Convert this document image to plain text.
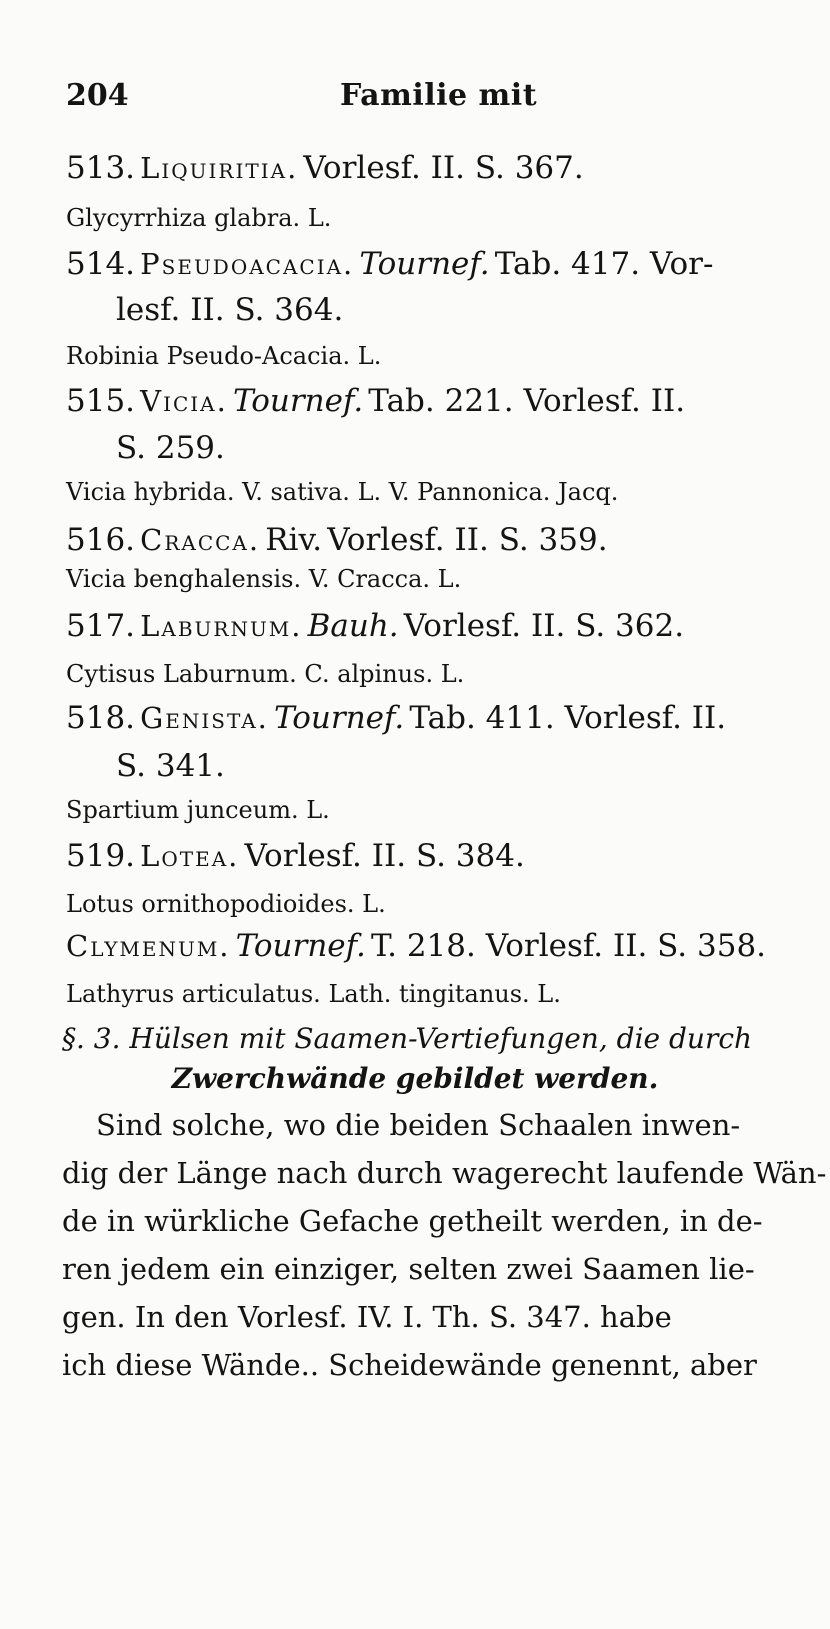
204	Familie mit
513. Liquiritia. Vorlesf. II. S. 367.
Glycyrrhiza glabra. L.
514. Pseudoacacia. Tournef. Tab. 417. Vor-
lesf. II. S. 364.
Robinia Pseudo-Acacia. L.
515. Vicia. Tournef. Tab. 221. Vorlesf. II.
S. 259.
Vicia hybrida. V. sativa. L. V. Pannonica. Jacq.
516. Cracca. Riv. Vorlesf. II. S. 359.
Vicia benghalensis. V. Cracca. L.
517. Laburnum. Bauh. Vorlesf. II. S. 362.
Cytisus Laburnum. C. alpinus. L.
518. Genista. Tournef. Tab. 411. Vorlesf. II.
S. 341.
Spartium junceum. L.
519. Lotea. Vorlesf. II. S. 384.
Lotus ornithopodioides. L.
Clymenum. Tournef. T. 218. Vorlesf. II. S. 358.
Lathyrus articulatus. Lath. tingitanus. L.
§. 3. Hülsen mit Saamen-Vertiefungen, die durch
Zwerchwände gebildet werden.
Sind solche, wo die beiden Schaalen inwen-
dig der Länge nach durch wagerecht laufende Wän-
de in würkliche Gefache getheilt werden, in de-
ren jedem ein einziger, selten zwei Saamen lie-
gen. In den Vorlesf. IV. I. Th. S. 347. habe
ich diese Wände.. Scheidewände genennt, aber
